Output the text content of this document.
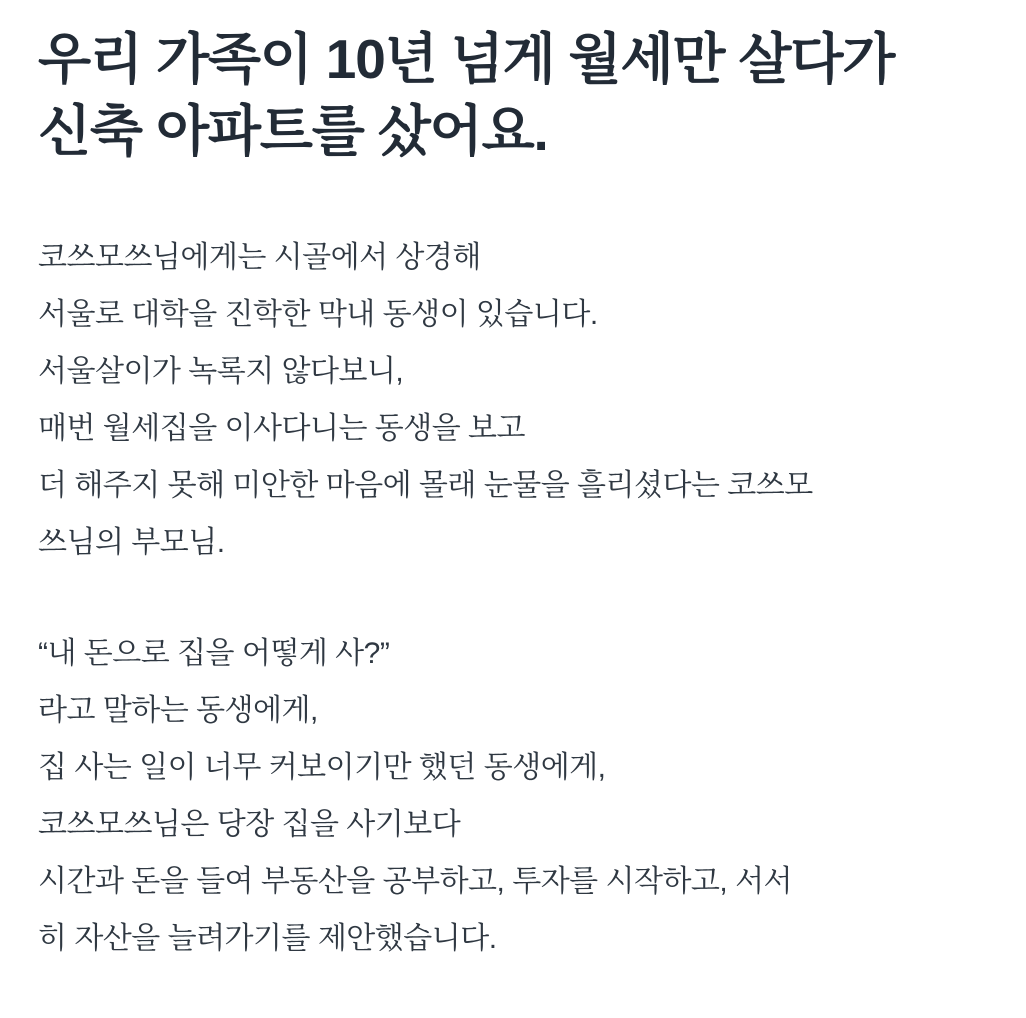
우리 가족이 10년 넘게 월세만 살다가 신축 아파트를 샀어요.
코쓰모쓰님에게는 시골에서 상경해
서울로 대학을 진학한 막내 동생이 있습니다.
서울살이가 녹록지 않다보니,
매번 월세집을 이사다니는 동생을 보고
더 해주지 못해 미안한 마음에 몰래 눈물을 흘리셨다는 코쓰모
쓰님의 부모님.
“내 돈으로 집을 어떻게 사?”
라고 말하는 동생에게,
집 사는 일이 너무 커보이기만 했던 동생에게,
코쓰모쓰님은 당장 집을 사기보다
시간과 돈을 들여 부동산을 공부하고, 투자를 시작하고, 서서
히 자산을 늘려가기를 제안했습니다.
